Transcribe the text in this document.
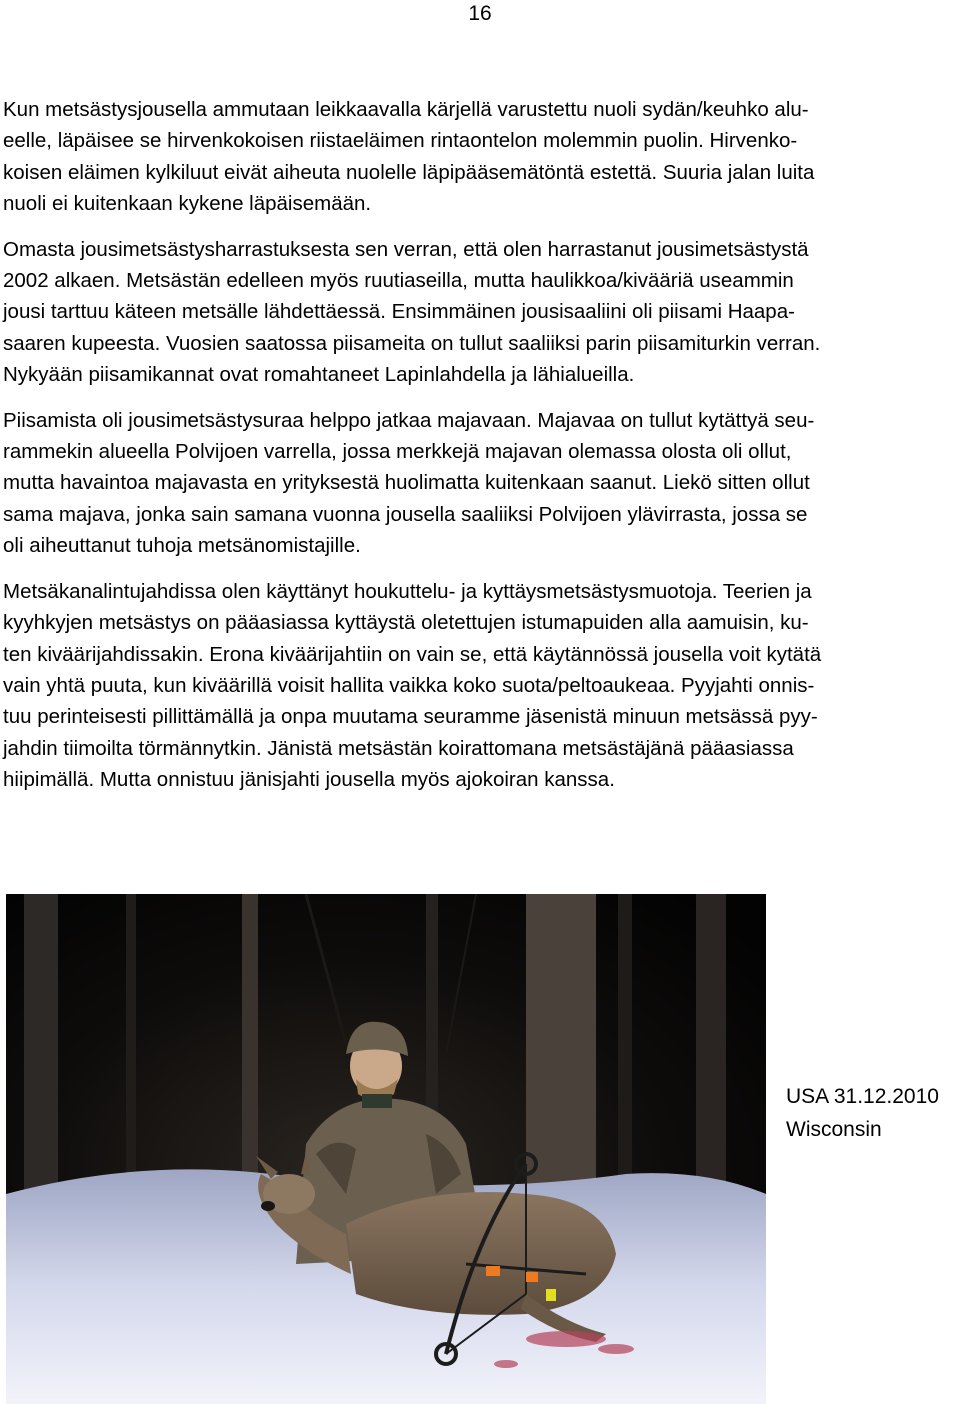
16

Kun metsästysjousella ammutaan leikkaavalla kärjellä varustettu nuoli sydän/keuhko alu-
eelle, läpäisee se hirvenkokoisen riistaeläimen rintaontelon molemmin puolin. Hirvenko-
koisen eläimen kylkiluut eivät aiheuta nuolelle läpipääsemätöntä estettä. Suuria jalan luita
nuoli ei kuitenkaan kykene läpäisemään.

Omasta jousimetsästysharrastuksesta sen verran, että olen harrastanut jousimetsästystä
2002 alkaen. Metsästän edelleen myös ruutiaseilla, mutta haulikkoa/kivääriä useammin
jousi tarttuu käteen metsälle lähdettäessä. Ensimmäinen jousisaaliini oli piisami Haapa-
saaren kupeesta. Vuosien saatossa piisameita on tullut saaliiksi parin piisamiturkin verran.
Nykyään piisamikannat ovat romahtaneet Lapinlahdella ja lähialueilla.

Piisamista oli jousimetsästysuraa helppo jatkaa majavaan. Majavaa on tullut kytättyä seu-
rammekin alueella Polvijoen varrella, jossa merkkejä majavan olemassa olosta oli ollut,
mutta havaintoa majavasta en yrityksestä huolimatta kuitenkaan saanut. Liekö sitten ollut
sama majava, jonka sain samana vuonna jousella saaliiksi Polvijoen ylävirrasta, jossa se
oli aiheuttanut tuhoja metsänomistajille.

Metsäkanalintujahdissa olen käyttänyt houkuttelu- ja kyttäysmetsästysmuotoja. Teerien ja
kyyhkyjen metsästys on pääasiassa kyttäystä oletettujen istumapuiden alla aamuisin, ku-
ten kiväärijahdissakin. Erona kiväärijahtiin on vain se, että käytännössä jousella voit kytätä
vain yhtä puuta, kun kiväärillä voisit hallita vaikka koko suota/peltoaukeaa. Pyyjahti onnis-
tuu perinteisesti pillittämällä ja onpa muutama seuramme jäsenistä minuun metsässä pyy-
jahdin tiimoilta törmännytkin. Jänistä metsästän koirattomana metsästäjänä pääasiassa
hiipimällä. Mutta onnistuu jänisjahti jousella myös ajokoiran kanssa.

USA 31.12.2010
Wisconsin
